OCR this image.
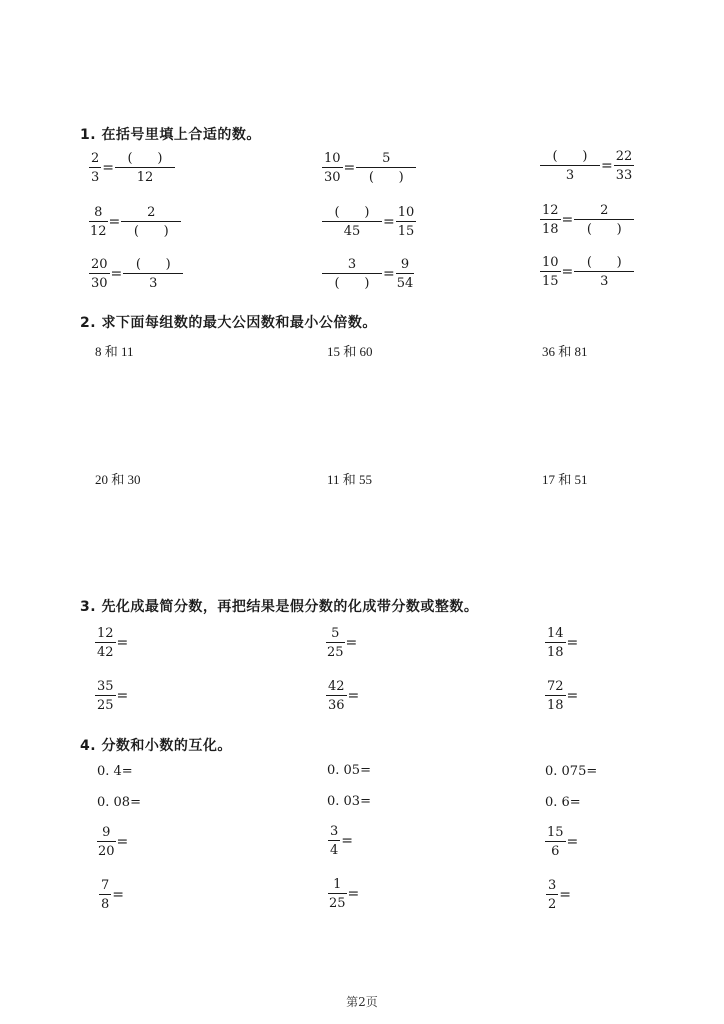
1. 在括号里填上合适的数。
$\frac{2}{3} = \frac{( )}{12}$	$\frac{10}{30} = \frac{5}{( )}$	$\frac{( )}{3} = \frac{22}{33}$
$\frac{8}{12} = \frac{2}{( )}$	$\frac{( )}{45} = \frac{10}{15}$	$\frac{12}{18} = \frac{2}{( )}$
$\frac{20}{30} = \frac{( )}{3}$	$\frac{3}{( )} = \frac{9}{54}$	$\frac{10}{15} = \frac{( )}{3}$
2. 求下面每组数的最大公因数和最小公倍数。
8 和 11	15 和 60	36 和 81
20 和 30	11 和 55	17 和 51
3. 先化成最简分数，再把结果是假分数的化成带分数或整数。
$\frac{12}{42}$ =	$\frac{5}{25}$ =	$\frac{14}{18}$ =
$\frac{35}{25}$ =	$\frac{42}{36}$ =	$\frac{72}{18}$ =
4. 分数和小数的互化。
0. 4=	0. 05=	0. 075=
0. 08=	0. 03=	0. 6=
$\frac{9}{20}$ =	$\frac{3}{4}$ =	$\frac{15}{6}$ =
$\frac{7}{8}$ =	$\frac{1}{25}$ =	$\frac{3}{2}$ =
第2页
